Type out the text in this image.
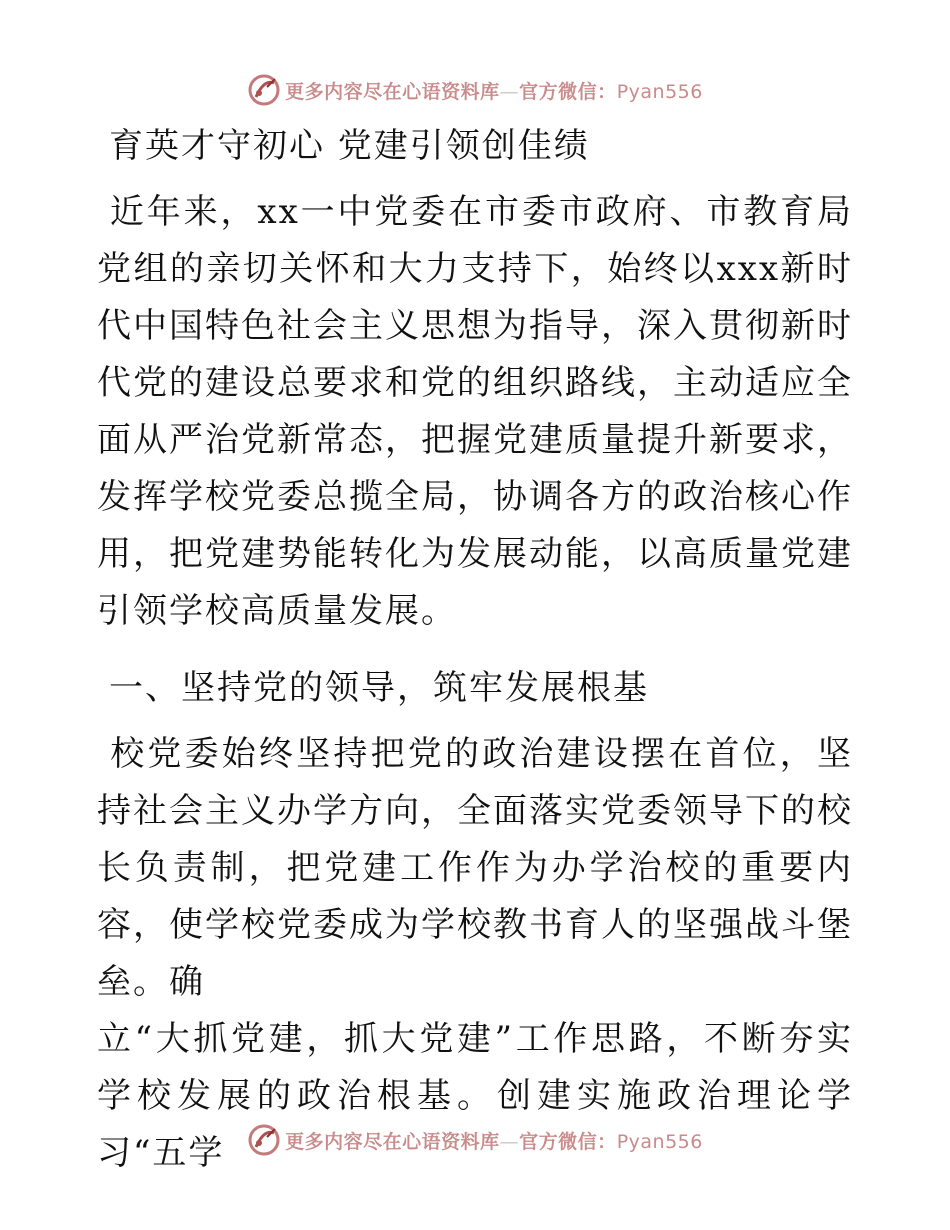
更多内容尽在心语资料库—官方微信：Pyan556
育英才守初心 党建引领创佳绩

近年来，xx一中党委在市委市政府、市教育局党组的亲切关怀和大力支持下，始终以xxx新时代中国特色社会主义思想为指导，深入贯彻新时代党的建设总要求和党的组织路线，主动适应全面从严治党新常态，把握党建质量提升新要求，发挥学校党委总揽全局，协调各方的政治核心作用，把党建势能转化为发展动能，以高质量党建引领学校高质量发展。

一、坚持党的领导，筑牢发展根基

校党委始终坚持把党的政治建设摆在首位，坚持社会主义办学方向，全面落实党委领导下的校长负责制，把党建工作作为办学治校的重要内容，使学校党委成为学校教书育人的坚强战斗堡垒。确

立“大抓党建，抓大党建”工作思路，不断夯实学校发展的政治根基。创建实施政治理论学习“五学	更多内容尽在心语资料库—官方微信：Pyan556
